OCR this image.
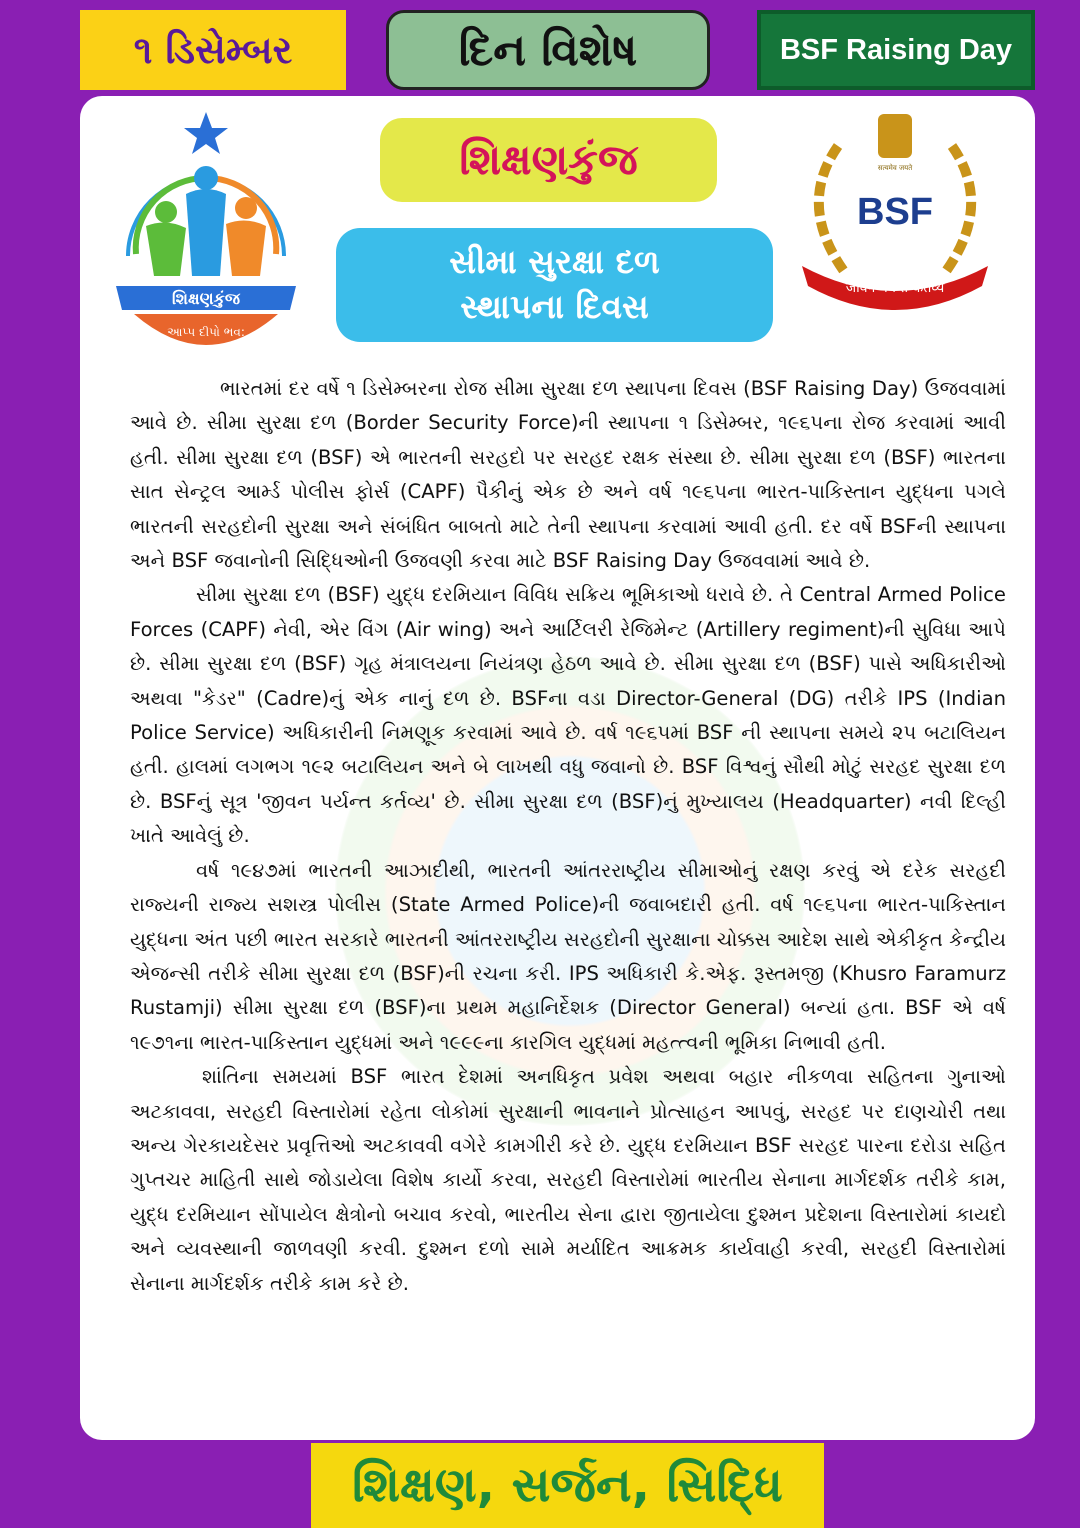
૧ ડિસેમ્બર	દિન વિશેષ	BSF Raising Day
શિક્ષણકુંજ
આપ્પ દીપો ભવ:
શિક્ષણકુંજ
સીમા સુરક્ષા દળ
સ્થાપના દિવસ
सत्यमेव जयते
BSF
जीवन पर्यन्त कर्तव्य

ભારતમાં દર વર્ષે ૧ ડિસેમ્બરના રોજ સીમા સુરક્ષા દળ સ્થાપના દિવસ (BSF Raising Day) ઉજવવામાં આવે છે. સીમા સુરક્ષા દળ (Border Security Force)ની સ્થાપના ૧ ડિસેમ્બર, ૧૯૬૫ના રોજ કરવામાં આવી હતી. સીમા સુરક્ષા દળ (BSF) એ ભારતની સરહદો પર સરહદ રક્ષક સંસ્થા છે. સીમા સુરક્ષા દળ (BSF) ભારતના સાત સેન્ટ્રલ આર્મ્ડ પોલીસ ફોર્સ (CAPF) પૈકીનું એક છે અને વર્ષ ૧૯૬૫ના ભારત-પાકિસ્તાન યુદ્ધના પગલે ભારતની સરહદોની સુરક્ષા અને સંબંધિત બાબતો માટે તેની સ્થાપના કરવામાં આવી હતી. દર વર્ષે BSFની સ્થાપના અને BSF જવાનોની સિદ્ધિઓની ઉજવણી કરવા માટે BSF Raising Day ઉજવવામાં આવે છે.

સીમા સુરક્ષા દળ (BSF) યુદ્ધ દરમિયાન વિવિધ સક્રિય ભૂમિકાઓ ધરાવે છે. તે Central Armed Police Forces (CAPF) નેવી, એર વિંગ (Air wing) અને આર્ટિલરી રેજિમેન્ટ (Artillery regiment)ની સુવિધા આપે છે. સીમા સુરક્ષા દળ (BSF) ગૃહ મંત્રાલયના નિયંત્રણ હેઠળ આવે છે. સીમા સુરક્ષા દળ (BSF) પાસે અધિકારીઓ અથવા "કેડર" (Cadre)નું એક નાનું દળ છે. BSFના વડા Director-General (DG) તરીકે IPS (Indian Police Service) અધિકારીની નિમણૂક કરવામાં આવે છે. વર્ષ ૧૯૬૫માં BSF ની સ્થાપના સમયે ૨૫ બટાલિયન હતી. હાલમાં લગભગ ૧૯૨ બટાલિયન અને બે લાખથી વધુ જવાનો છે. BSF વિશ્વનું સૌથી મોટું સરહદ સુરક્ષા દળ છે. BSFનું સૂત્ર 'જીવન પર્યન્ત કર્તવ્ય' છે. સીમા સુરક્ષા દળ (BSF)નું મુખ્યાલય (Headquarter) નવી દિલ્હી ખાતે આવેલું છે.

વર્ષ ૧૯૪૭માં ભારતની આઝાદીથી, ભારતની આંતરરાષ્ટ્રીય સીમાઓનું રક્ષણ કરવું એ દરેક સરહદી રાજ્યની રાજ્ય સશસ્ત્ર પોલીસ (State Armed Police)ની જવાબદારી હતી. વર્ષ ૧૯૬૫ના ભારત-પાકિસ્તાન યુદ્ધના અંત પછી ભારત સરકારે ભારતની આંતરરાષ્ટ્રીય સરહદોની સુરક્ષાના ચોક્કસ આદેશ સાથે એકીકૃત કેન્દ્રીય એજન્સી તરીકે સીમા સુરક્ષા દળ (BSF)ની રચના કરી. IPS અધિકારી કે.એફ. રૂસ્તમજી (Khusro Faramurz Rustamji) સીમા સુરક્ષા દળ (BSF)ના પ્રથમ મહાનિર્દેશક (Director General) બન્યાં હતા. BSF એ વર્ષ ૧૯૭૧ના ભારત-પાકિસ્તાન યુદ્ધમાં અને ૧૯૯૯ના કારગિલ યુદ્ધમાં મહત્ત્વની ભૂમિકા નિભાવી હતી.

શાંતિના સમયમાં BSF ભારત દેશમાં અનધિકૃત પ્રવેશ અથવા બહાર નીકળવા સહિતના ગુનાઓ અટકાવવા, સરહદી વિસ્તારોમાં રહેતા લોકોમાં સુરક્ષાની ભાવનાને પ્રોત્સાહન આપવું, સરહદ પર દાણચોરી તથા અન્ય ગેરકાયદેસર પ્રવૃત્તિઓ અટકાવવી વગેરે કામગીરી કરે છે. યુદ્ધ દરમિયાન BSF સરહદ પારના દરોડા સહિત ગુપ્તચર માહિતી સાથે જોડાયેલા વિશેષ કાર્યો કરવા, સરહદી વિસ્તારોમાં ભારતીય સેનાના માર્ગદર્શક તરીકે કામ, યુદ્ધ દરમિયાન સોંપાયેલ ક્ષેત્રોનો બચાવ કરવો, ભારતીય સેના દ્વારા જીતાયેલા દુશ્મન પ્રદેશના વિસ્તારોમાં કાયદો અને વ્યવસ્થાની જાળવણી કરવી. દુશ્મન દળો સામે મર્યાદિત આક્રમક કાર્યવાહી કરવી, સરહદી વિસ્તારોમાં સેનાના માર્ગદર્શક તરીકે કામ કરે છે.

શિક્ષણ, સર્જન, સિદ્ધિ
